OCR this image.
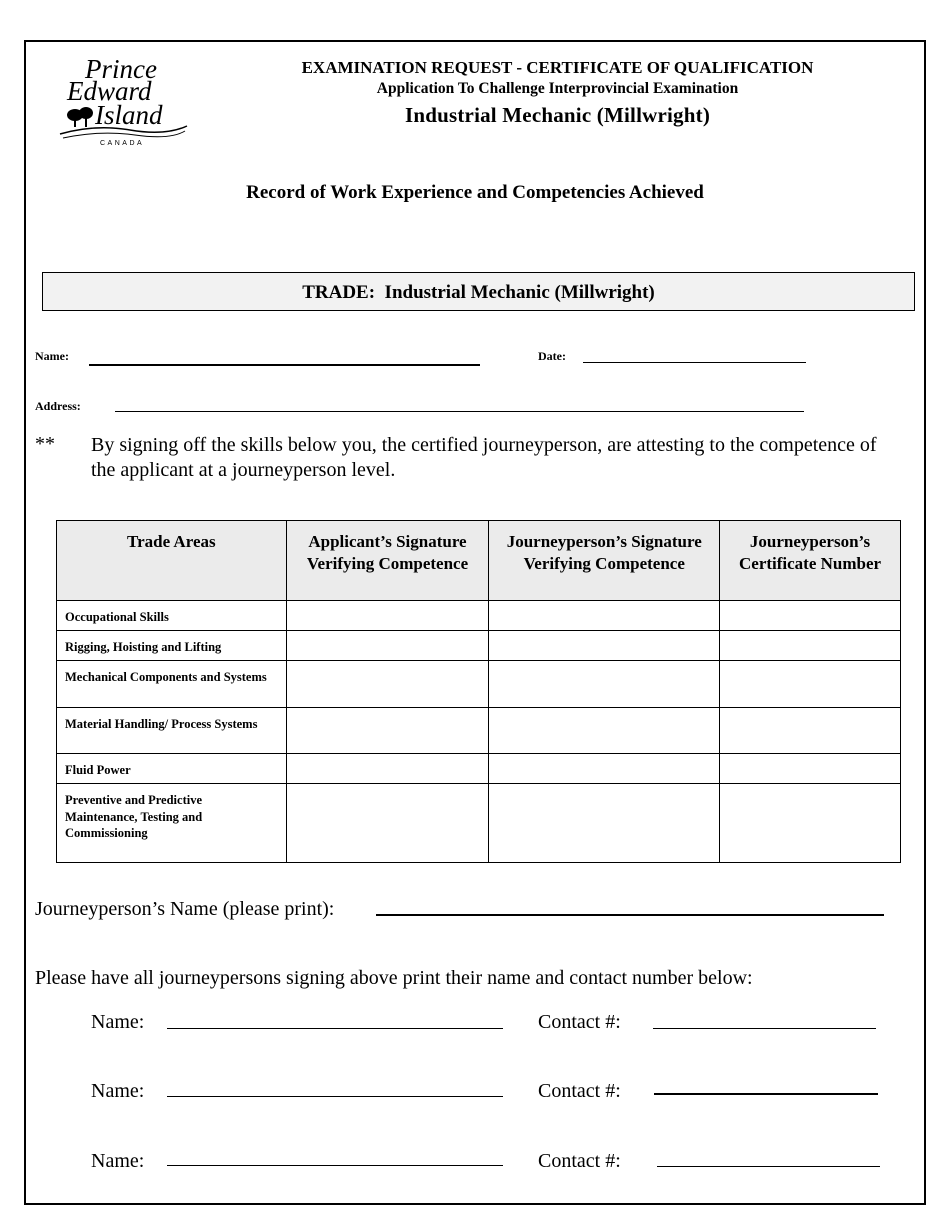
Prince
Edward
Island
CANADA
EXAMINATION REQUEST - CERTIFICATE OF QUALIFICATION
Application To Challenge Interprovincial Examination
Industrial Mechanic (Millwright)
Record of Work Experience and Competencies Achieved
TRADE:  Industrial Mechanic (Millwright)
Name:	Date:
Address:
** By signing off the skills below you, the certified journeyperson, are attesting to the competence of the applicant at a journeyperson level.
Trade Areas	Applicant’s Signature Verifying Competence	Journeyperson’s Signature Verifying Competence	Journeyperson’s Certificate Number
Occupational Skills			
Rigging, Hoisting and Lifting			
Mechanical Components and Systems			
Material Handling/ Process Systems			
Fluid Power			
Preventive and Predictive Maintenance, Testing and Commissioning			
Journeyperson’s Name (please print):
Please have all journeypersons signing above print their name and contact number below:
Name:	Contact #:
Name:	Contact #:
Name:	Contact #:
